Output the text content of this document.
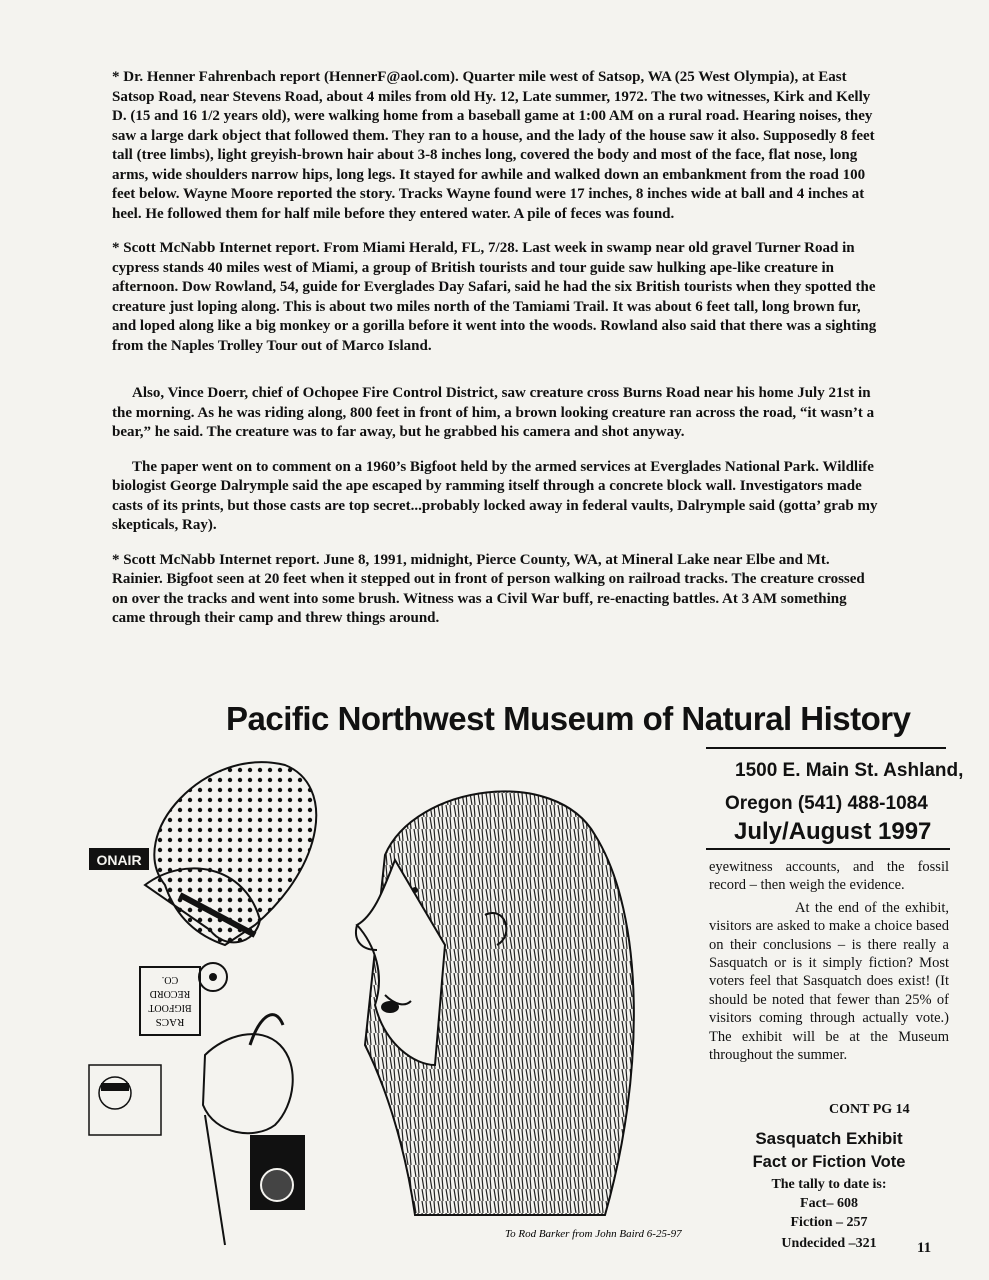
* Dr. Henner Fahrenbach report (HennerF@aol.com). Quarter mile west of Satsop, WA (25 West Olympia), at East Satsop Road, near Stevens Road, about 4 miles from old Hy. 12, Late summer, 1972. The two witnesses, Kirk and Kelly D. (15 and 16 1/2 years old), were walking home from a baseball game at 1:00 AM on a rural road. Hearing noises, they saw a large dark object that followed them. They ran to a house, and the lady of the house saw it also. Supposedly 8 feet tall (tree limbs), light greyish-brown hair about 3-8 inches long, covered the body and most of the face, flat nose, long arms, wide shoulders narrow hips, long legs. It stayed for awhile and walked down an embankment from the road 100 feet below. Wayne Moore reported the story. Tracks Wayne found were 17 inches, 8 inches wide at ball and 4 inches at heel. He followed them for half mile before they entered water. A pile of feces was found.

* Scott McNabb Internet report. From Miami Herald, FL, 7/28. Last week in swamp near old gravel Turner Road in cypress stands 40 miles west of Miami, a group of British tourists and tour guide saw hulking ape-like creature in afternoon. Dow Rowland, 54, guide for Everglades Day Safari, said he had the six British tourists when they spotted the creature just loping along. This is about two miles north of the Tamiami Trail. It was about 6 feet tall, long brown fur, and loped along like a big monkey or a gorilla before it went into the woods. Rowland also said that there was a sighting from the Naples Trolley Tour out of Marco Island.

Also, Vince Doerr, chief of Ochopee Fire Control District, saw creature cross Burns Road near his home July 21st in the morning. As he was riding along, 800 feet in front of him, a brown looking creature ran across the road, “it wasn’t a bear,” he said. The creature was to far away, but he grabbed his camera and shot anyway.

The paper went on to comment on a 1960’s Bigfoot held by the armed services at Everglades National Park. Wildlife biologist George Dalrymple said the ape escaped by ramming itself through a concrete block wall. Investigators made casts of its prints, but those casts are top secret...probably locked away in federal vaults, Dalrymple said (gotta’ grab my skepticals, Ray).

* Scott McNabb Internet report. June 8, 1991, midnight, Pierce County, WA, at Mineral Lake near Elbe and Mt. Rainier. Bigfoot seen at 20 feet when it stepped out in front of person walking on railroad tracks. The creature crossed on over the tracks and went into some brush. Witness was a Civil War buff, re-enacting battles. At 3 AM something came through their camp and threw things around.

Pacific Northwest Museum of Natural History
1500 E. Main St. Ashland,
Oregon (541) 488-1084
July/August 1997

eyewitness accounts, and the fossil record – then weigh the evidence.

At the end of the exhibit, visitors are asked to make a choice based on their conclusions – is there really a Sasquatch or is it simply fiction? Most voters feel that Sasquatch does exist! (It should be noted that fewer than 25% of visitors coming through actually vote.) The exhibit will be at the Museum throughout the summer.

CONT PG 14
Sasquatch Exhibit
Fact or Fiction Vote
The tally to date is:
Fact– 608
Fiction – 257
Undecided –321	11
ONAIR
RACS
BIGFOOT
RECORD
CO.
To Rod Barker from John Baird 6-25-97
